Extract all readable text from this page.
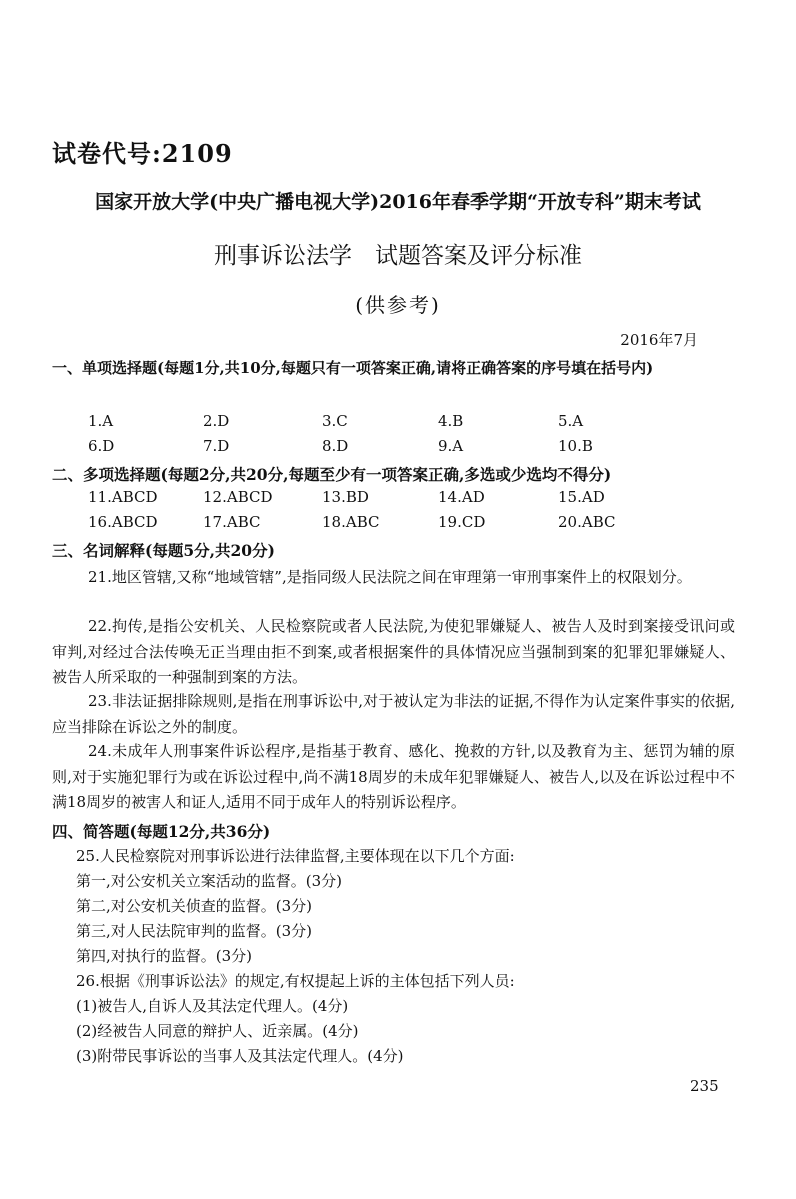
试卷代号:2109
国家开放大学(中央广播电视大学)2016年春季学期“开放专科”期末考试
刑事诉讼法学　试题答案及评分标准
(供参考)
2016年7月
一、单项选择题(每题1分,共10分,每题只有一项答案正确,请将正确答案的序号填在括号内)
1.A	2.D	3.C	4.B	5.A
6.D	7.D	8.D	9.A	10.B
二、多项选择题(每题2分,共20分,每题至少有一项答案正确,多选或少选均不得分)
11.ABCD	12.ABCD	13.BD	14.AD	15.AD
16.ABCD	17.ABC	18.ABC	19.CD	20.ABC
三、名词解释(每题5分,共20分)
21.地区管辖,又称“地域管辖”,是指同级人民法院之间在审理第一审刑事案件上的权限划分。
22.拘传,是指公安机关、人民检察院或者人民法院,为使犯罪嫌疑人、被告人及时到案接受讯问或审判,对经过合法传唤无正当理由拒不到案,或者根据案件的具体情况应当强制到案的犯罪犯罪嫌疑人、被告人所采取的一种强制到案的方法。
23.非法证据排除规则,是指在刑事诉讼中,对于被认定为非法的证据,不得作为认定案件事实的依据,应当排除在诉讼之外的制度。
24.未成年人刑事案件诉讼程序,是指基于教育、感化、挽救的方针,以及教育为主、惩罚为辅的原则,对于实施犯罪行为或在诉讼过程中,尚不满18周岁的未成年犯罪嫌疑人、被告人,以及在诉讼过程中不满18周岁的被害人和证人,适用不同于成年人的特别诉讼程序。
四、简答题(每题12分,共36分)
25.人民检察院对刑事诉讼进行法律监督,主要体现在以下几个方面:
第一,对公安机关立案活动的监督。(3分)
第二,对公安机关侦查的监督。(3分)
第三,对人民法院审判的监督。(3分)
第四,对执行的监督。(3分)
26.根据《刑事诉讼法》的规定,有权提起上诉的主体包括下列人员:
(1)被告人,自诉人及其法定代理人。(4分)
(2)经被告人同意的辩护人、近亲属。(4分)
(3)附带民事诉讼的当事人及其法定代理人。(4分)
235
